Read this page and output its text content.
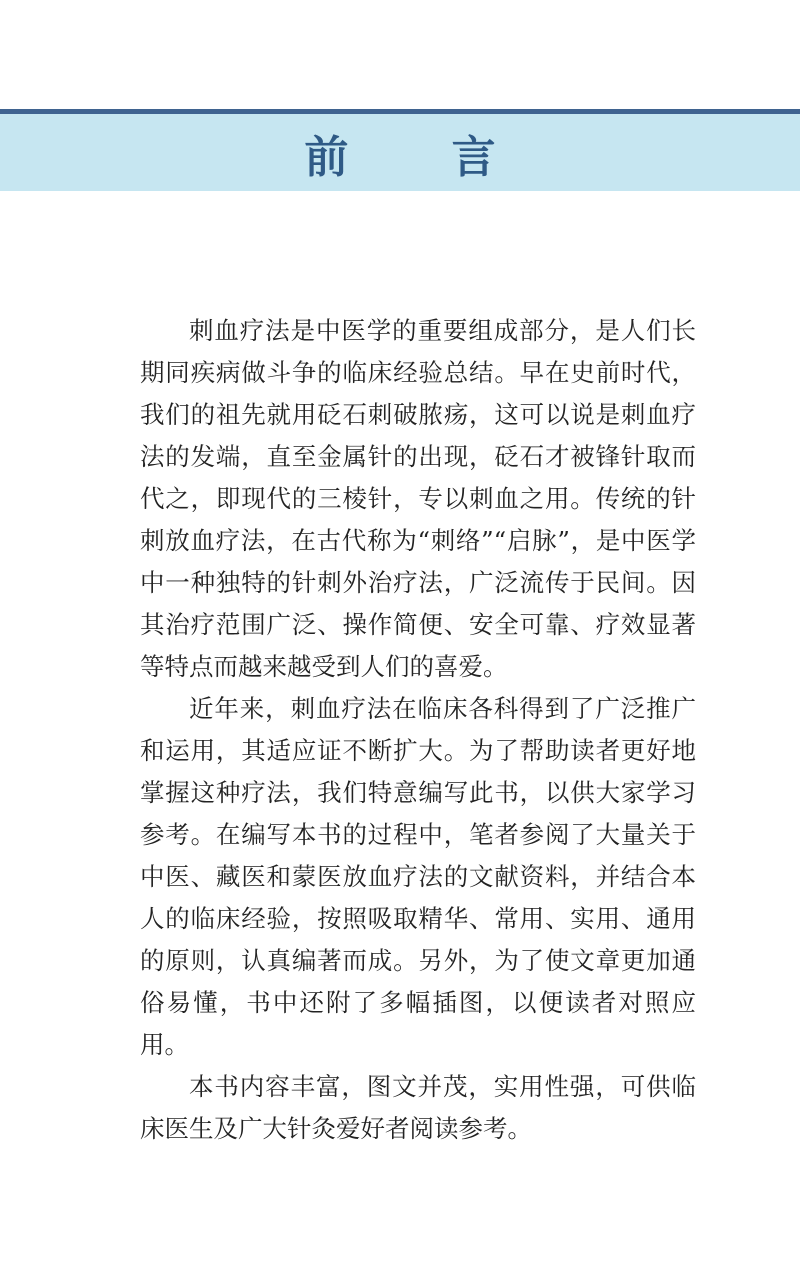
前 言

刺血疗法是中医学的重要组成部分，是人们长期同疾病做斗争的临床经验总结。早在史前时代，我们的祖先就用砭石刺破脓疡，这可以说是刺血疗法的发端，直至金属针的出现，砭石才被锋针取而代之，即现代的三棱针，专以刺血之用。传统的针刺放血疗法，在古代称为“刺络”“启脉”，是中医学中一种独特的针刺外治疗法，广泛流传于民间。因其治疗范围广泛、操作简便、安全可靠、疗效显著等特点而越来越受到人们的喜爱。

近年来，刺血疗法在临床各科得到了广泛推广和运用，其适应证不断扩大。为了帮助读者更好地掌握这种疗法，我们特意编写此书，以供大家学习参考。在编写本书的过程中，笔者参阅了大量关于中医、藏医和蒙医放血疗法的文献资料，并结合本人的临床经验，按照吸取精华、常用、实用、通用的原则，认真编著而成。另外，为了使文章更加通俗易懂，书中还附了多幅插图，以便读者对照应用。

本书内容丰富，图文并茂，实用性强，可供临床医生及广大针灸爱好者阅读参考。
